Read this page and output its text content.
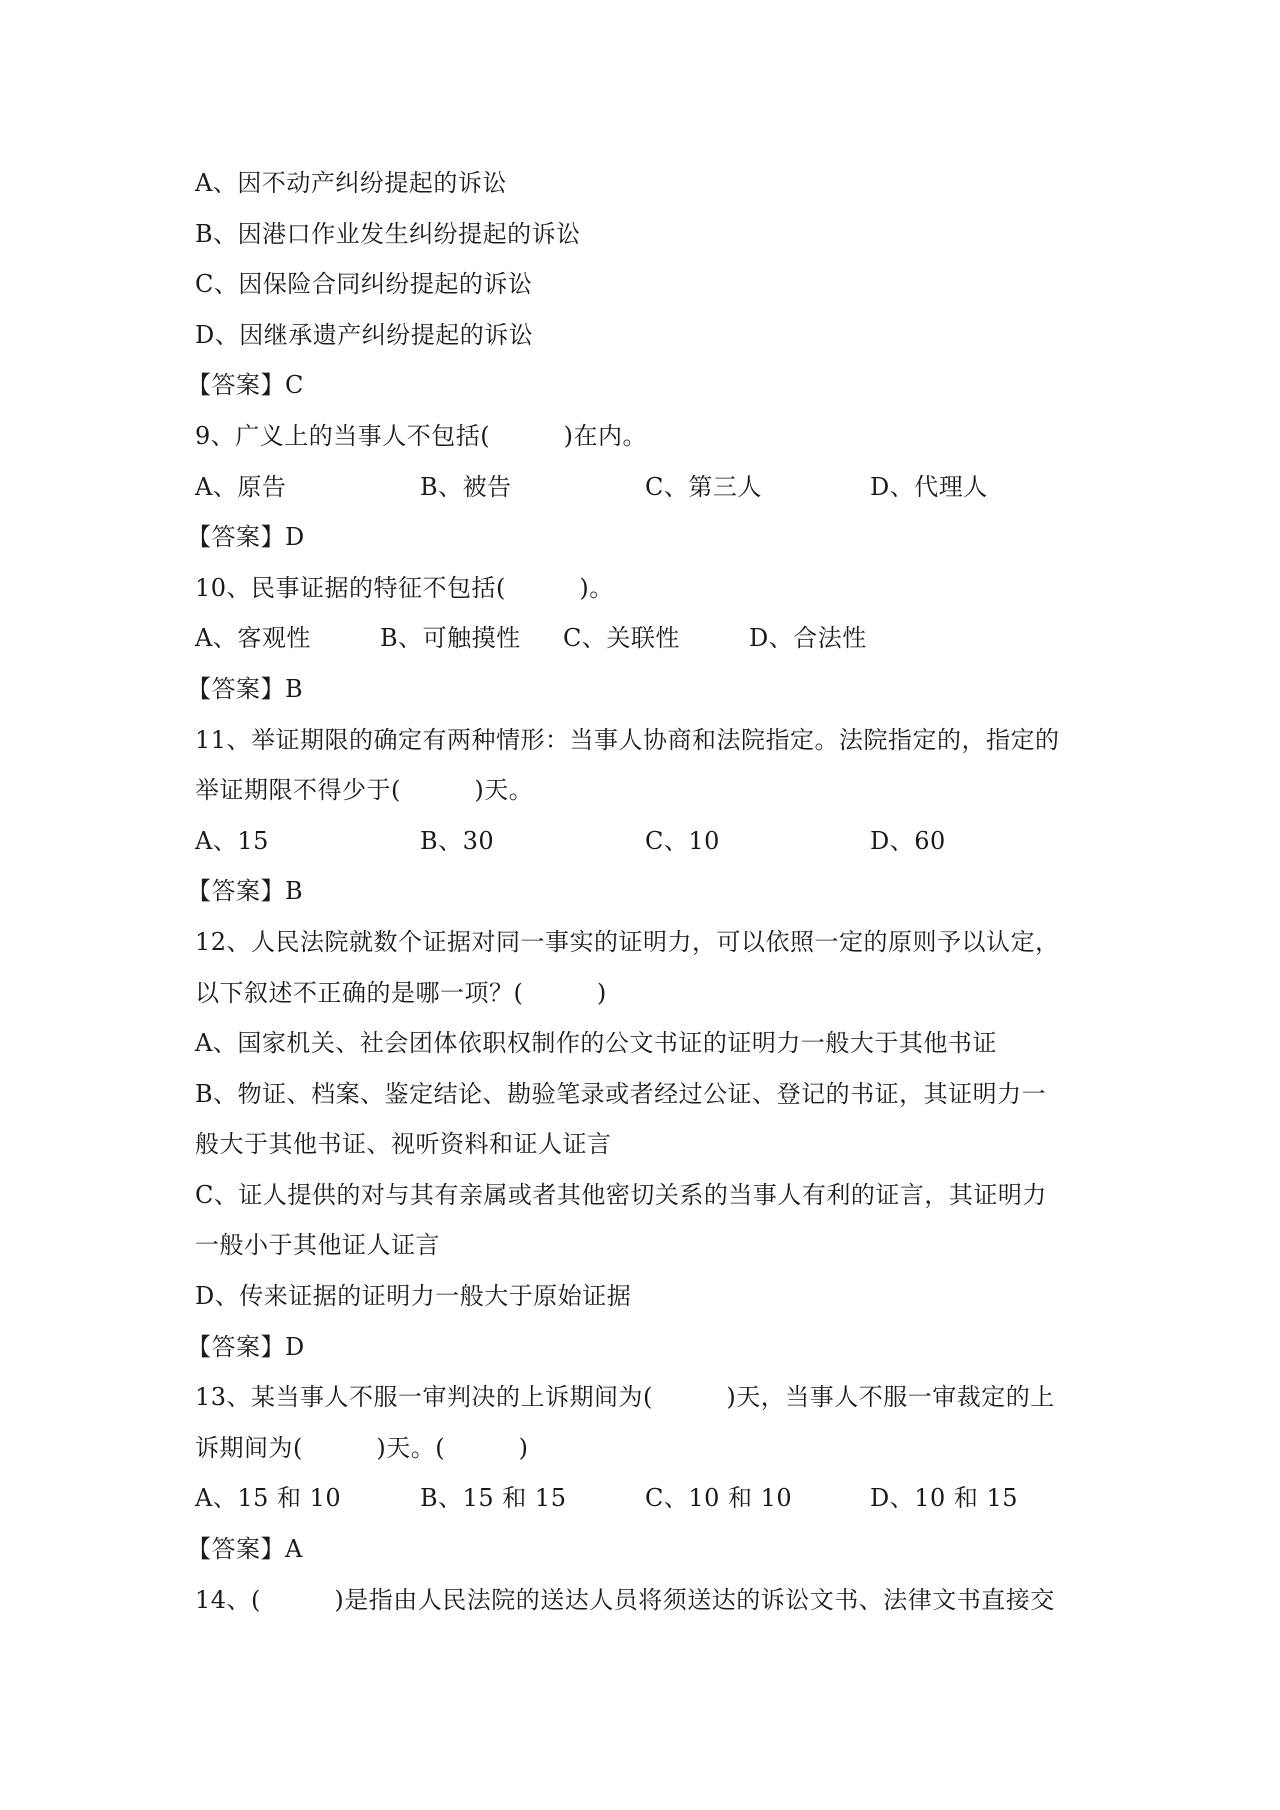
A、因不动产纠纷提起的诉讼
B、因港口作业发生纠纷提起的诉讼
C、因保险合同纠纷提起的诉讼
D、因继承遗产纠纷提起的诉讼
【答案】C
9、广义上的当事人不包括(　　　)在内。
A、原告	B、被告	C、第三人	D、代理人
【答案】D
10、民事证据的特征不包括(　　　)。
A、客观性	B、可触摸性	C、关联性	D、合法性
【答案】B
11、举证期限的确定有两种情形：当事人协商和法院指定。法院指定的，指定的
举证期限不得少于(　　　)天。
A、15	B、30	C、10	D、60
【答案】B
12、人民法院就数个证据对同一事实的证明力，可以依照一定的原则予以认定，
以下叙述不正确的是哪一项？(　　　)
A、国家机关、社会团体依职权制作的公文书证的证明力一般大于其他书证
B、物证、档案、鉴定结论、勘验笔录或者经过公证、登记的书证，其证明力一
般大于其他书证、视听资料和证人证言
C、证人提供的对与其有亲属或者其他密切关系的当事人有利的证言，其证明力
一般小于其他证人证言
D、传来证据的证明力一般大于原始证据
【答案】D
13、某当事人不服一审判决的上诉期间为(　　　)天，当事人不服一审裁定的上
诉期间为(　　　)天。(　　　)
A、15 和 10	B、15 和 15	C、10 和 10	D、10 和 15
【答案】A
14、(　　　)是指由人民法院的送达人员将须送达的诉讼文书、法律文书直接交
